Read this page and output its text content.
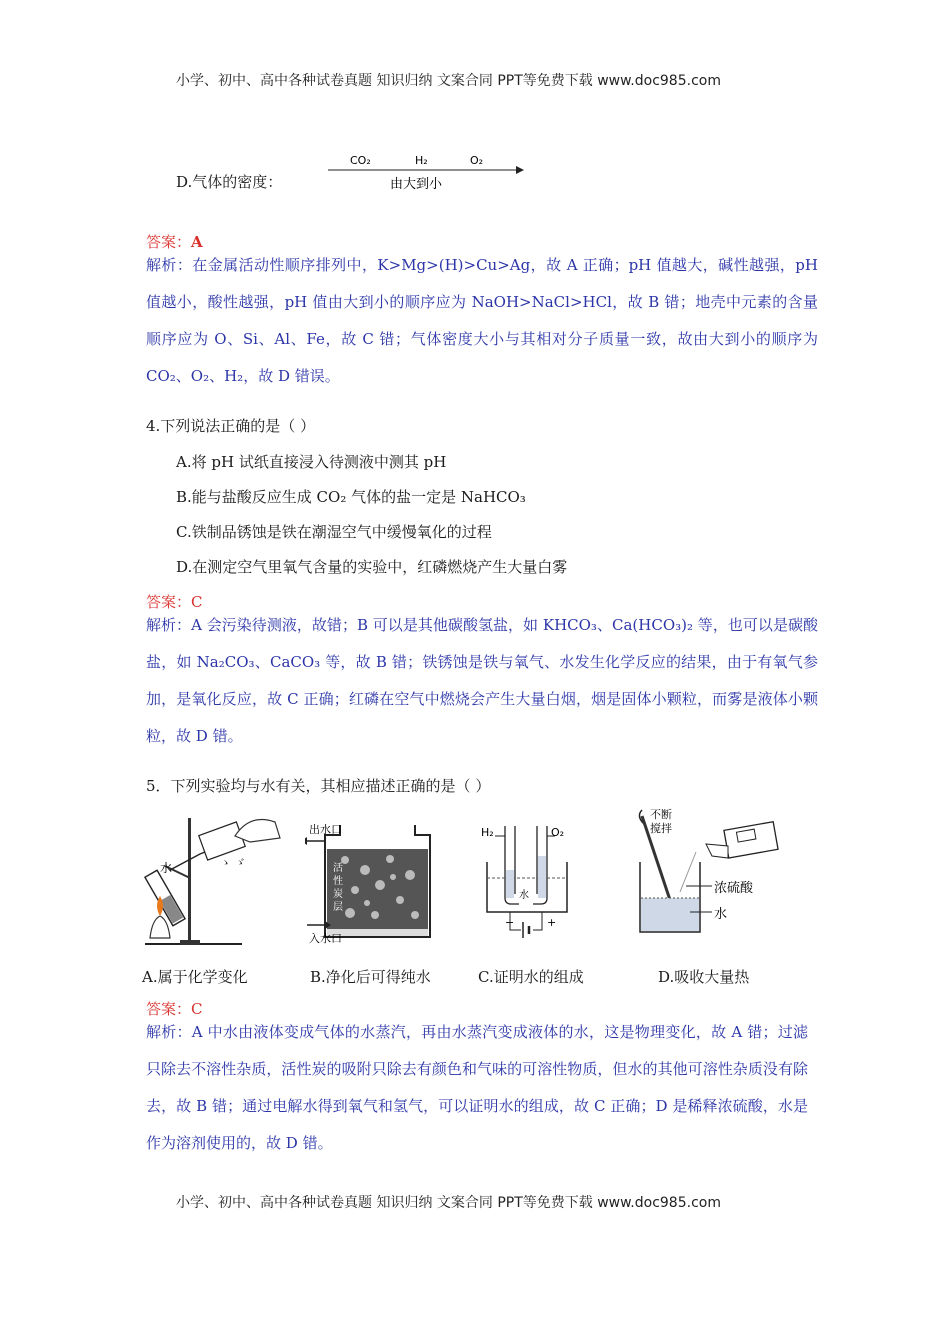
小学、初中、高中各种试卷真题 知识归纳 文案合同 PPT等免费下载 www.doc985.com
D.气体的密度：
CO₂	H₂	O₂
由大到小
答案：A
解析：在金属活动性顺序排列中，K>Mg>(H)>Cu>Ag，故 A 正确；pH 值越大，碱性越强，pH 值越小，酸性越强，pH 值由大到小的顺序应为 NaOH>NaCl>HCl，故 B 错；地壳中元素的含量顺序应为 O、Si、Al、Fe，故 C 错；气体密度大小与其相对分子质量一致，故由大到小的顺序为 CO₂、O₂、H₂，故 D 错误。
4.下列说法正确的是（ ）
A.将 pH 试纸直接浸入待测液中测其 pH
B.能与盐酸反应生成 CO₂ 气体的盐一定是 NaHCO₃
C.铁制品锈蚀是铁在潮湿空气中缓慢氧化的过程
D.在测定空气里氧气含量的实验中，红磷燃烧产生大量白雾
答案：C
解析：A 会污染待测液，故错；B 可以是其他碳酸氢盐，如 KHCO₃、Ca(HCO₃)₂ 等，也可以是碳酸盐，如 Na₂CO₃、CaCO₃ 等，故 B 错；铁锈蚀是铁与氧气、水发生化学反应的结果，由于有氧气参加，是氧化反应，故 C 正确；红磷在空气中燃烧会产生大量白烟，烟是固体小颗粒，而雾是液体小颗粒，故 D 错。
5．下列实验均与水有关，其相应描述正确的是（ ）
ゝ ゞ
水
出水口
入水口
活
性
炭
层
H₂	O₂
水
−	+
不断
搅拌
浓硫酸
水
A.属于化学变化	B.净化后可得纯水	C.证明水的组成	D.吸收大量热
答案：C
解析：A 中水由液体变成气体的水蒸汽，再由水蒸汽变成液体的水，这是物理变化，故 A 错；过滤只除去不溶性杂质，活性炭的吸附只除去有颜色和气味的可溶性物质，但水的其他可溶性杂质没有除去，故 B 错；通过电解水得到氧气和氢气，可以证明水的组成，故 C 正确；D 是稀释浓硫酸，水是作为溶剂使用的，故 D 错。
小学、初中、高中各种试卷真题 知识归纳 文案合同 PPT等免费下载 www.doc985.com
